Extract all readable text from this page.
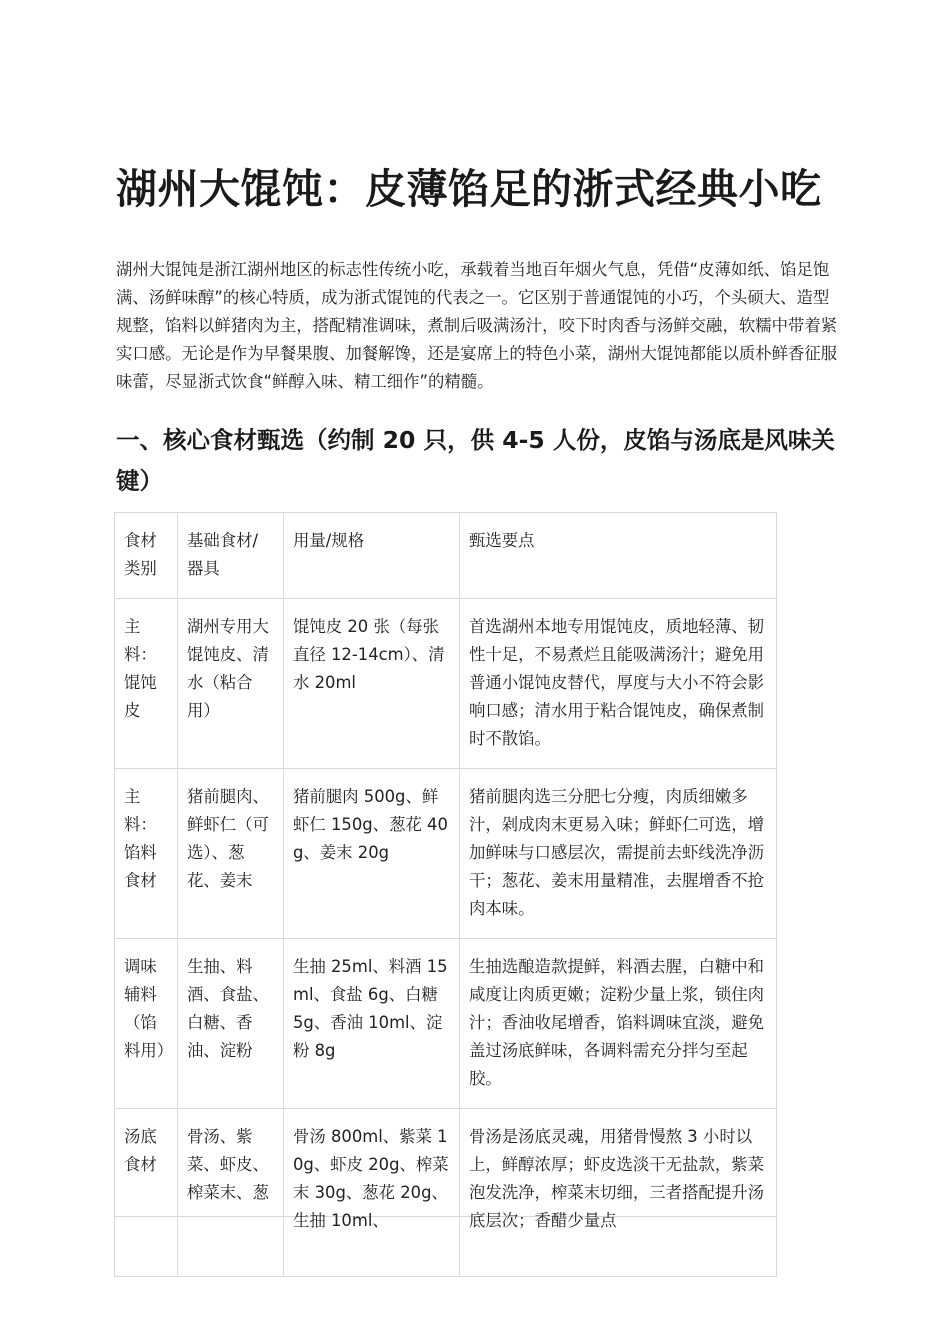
湖州大馄饨：皮薄馅足的浙式经典小吃

湖州大馄饨是浙江湖州地区的标志性传统小吃，承载着当地百年烟火气息，凭借“皮薄如纸、馅足饱满、汤鲜味醇”的核心特质，成为浙式馄饨的代表之一。它区别于普通馄饨的小巧，个头硕大、造型规整，馅料以鲜猪肉为主，搭配精准调味，煮制后吸满汤汁，咬下时肉香与汤鲜交融，软糯中带着紧实口感。无论是作为早餐果腹、加餐解馋，还是宴席上的特色小菜，湖州大馄饨都能以质朴鲜香征服味蕾，尽显浙式饮食“鲜醇入味、精工细作”的精髓。

一、核心食材甄选（约制 20 只，供 4-5 人份，皮馅与汤底是风味关键）
食材类别	基础食材/器具	用量/规格	甄选要点
主料：馄饨皮	湖州专用大馄饨皮、清水（粘合用）	馄饨皮 20 张（每张直径 12-14cm）、清水 20ml	首选湖州本地专用馄饨皮，质地轻薄、韧性十足，不易煮烂且能吸满汤汁；避免用普通小馄饨皮替代，厚度与大小不符会影响口感；清水用于粘合馄饨皮，确保煮制时不散馅。
主料：馅料食材	猪前腿肉、鲜虾仁（可选）、葱花、姜末	猪前腿肉 500g、鲜虾仁 150g、葱花 40g、姜末 20g	猪前腿肉选三分肥七分瘦，肉质细嫩多汁，剁成肉末更易入味；鲜虾仁可选，增加鲜味与口感层次，需提前去虾线洗净沥干；葱花、姜末用量精准，去腥增香不抢肉本味。
调味辅料（馅料用）	生抽、料酒、食盐、白糖、香油、淀粉	生抽 25ml、料酒 15ml、食盐 6g、白糖 5g、香油 10ml、淀粉 8g	生抽选酿造款提鲜，料酒去腥，白糖中和咸度让肉质更嫩；淀粉少量上浆，锁住肉汁；香油收尾增香，馅料调味宜淡，避免盖过汤底鲜味，各调料需充分拌匀至起胶。
汤底食材	骨汤、紫菜、虾皮、榨菜末、葱	骨汤 800ml、紫菜 10g、虾皮 20g、榨菜末 30g、葱花 20g、生抽 10ml、	骨汤是汤底灵魂，用猪骨慢熬 3 小时以上，鲜醇浓厚；虾皮选淡干无盐款，紫菜泡发洗净，榨菜末切细，三者搭配提升汤底层次；香醋少量点
